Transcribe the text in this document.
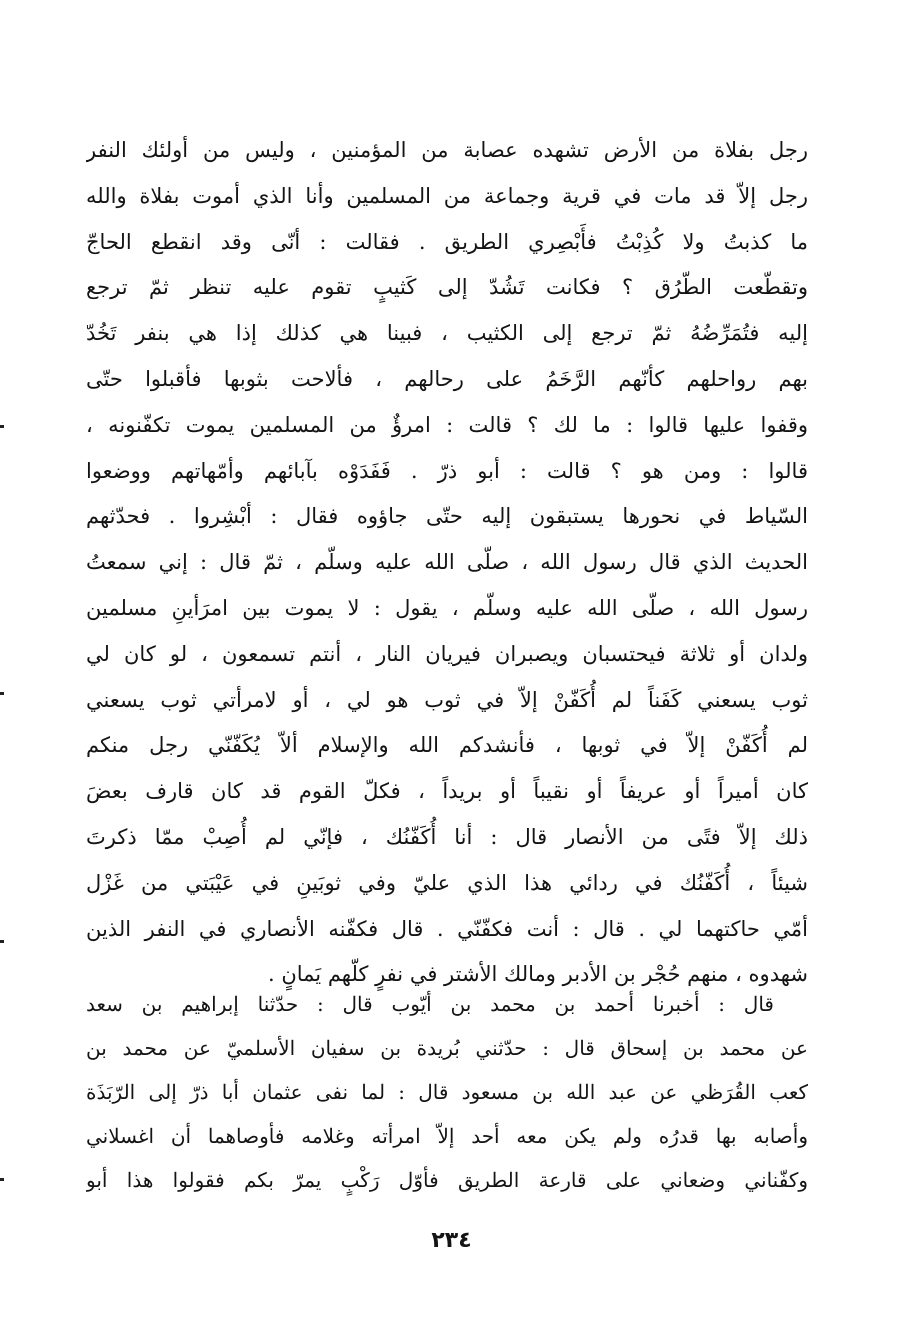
رجل بفلاة من الأرض تشهده عصابة من المؤمنين ، وليس من أولئك النفر
رجل إلاّ قد مات في قرية وجماعة من المسلمين وأنا الذي أموت بفلاة والله
ما كذبتُ ولا كُذِبْتُ فأَبْصِري الطريق . فقالت : أنّى وقد انقطع الحاجّ
وتقطّعت الطّرُق ؟ فكانت تَشُدّ إلى كَثيبٍ تقوم عليه تنظر ثمّ ترجع
إليه فتُمَرِّضُهُ ثمّ ترجع إلى الكثيب ، فبينا هي كذلك إذا هي بنفر تَخُدّ
بهم رواحلهم كأنّهم الرَّخَمُ على رحالهم ، فألاحت بثوبها فأقبلوا حتّى
وقفوا عليها قالوا : ما لك ؟ قالت : امرؤٌ من المسلمين يموت تكفّنونه ،
قالوا : ومن هو ؟ قالت : أبو ذرّ . فَفَدَوْه بآبائهم وأمّهاتهم ووضعوا
السّياط في نحورها يستبقون إليه حتّى جاؤوه فقال : أبْشِروا . فحدّثهم
الحديث الذي قال رسول الله ، صلّى الله عليه وسلّم ، ثمّ قال : إني سمعتُ
رسول الله ، صلّى الله عليه وسلّم ، يقول : لا يموت بين امرَأينِ مسلمين
ولدان أو ثلاثة فيحتسبان ويصبران فيريان النار ، أنتم تسمعون ، لو كان لي
ثوب يسعني كَفَناً لم أُكَفّنْ إلاّ في ثوب هو لي ، أو لامرأتي ثوب يسعني
لم أُكَفّنْ إلاّ في ثوبها ، فأنشدكم الله والإسلام ألاّ يُكَفّنّي رجل منكم
كان أميراً أو عريفاً أو نقيباً أو بريداً ، فكلّ القوم قد كان قارف بعضَ
ذلك إلاّ فتًى من الأنصار قال : أنا أُكَفّنُك ، فإنّي لم أُصِبْ ممّا ذكرتَ
شيئاً ، أُكَفّنُك في ردائي هذا الذي عليّ وفي ثوبَينِ في عَيْبَتي من غَزْل
أمّي حاكتهما لي . قال : أنت فكفّنّي . قال فكفّنه الأنصاري في النفر الذين
شهدوه ، منهم حُجْر بن الأدبر ومالك الأشتر في نفرٍ كلّهم يَمانٍ .
قال : أخبرنا أحمد بن محمد بن أيّوب قال : حدّثنا إبراهيم بن سعد
عن محمد بن إسحاق قال : حدّثني بُريدة بن سفيان الأسلميّ عن محمد بن
كعب القُرَظي عن عبد الله بن مسعود قال : لما نفى عثمان أبا ذرّ إلى الرّبَذَة
وأصابه بها قدرُه ولم يكن معه أحد إلاّ امرأته وغلامه فأوصاهما أن اغسلاني
وكفّناني وضعاني على قارعة الطريق فأوّل رَكْبٍ يمرّ بكم فقولوا هذا أبو
٢٣٤
